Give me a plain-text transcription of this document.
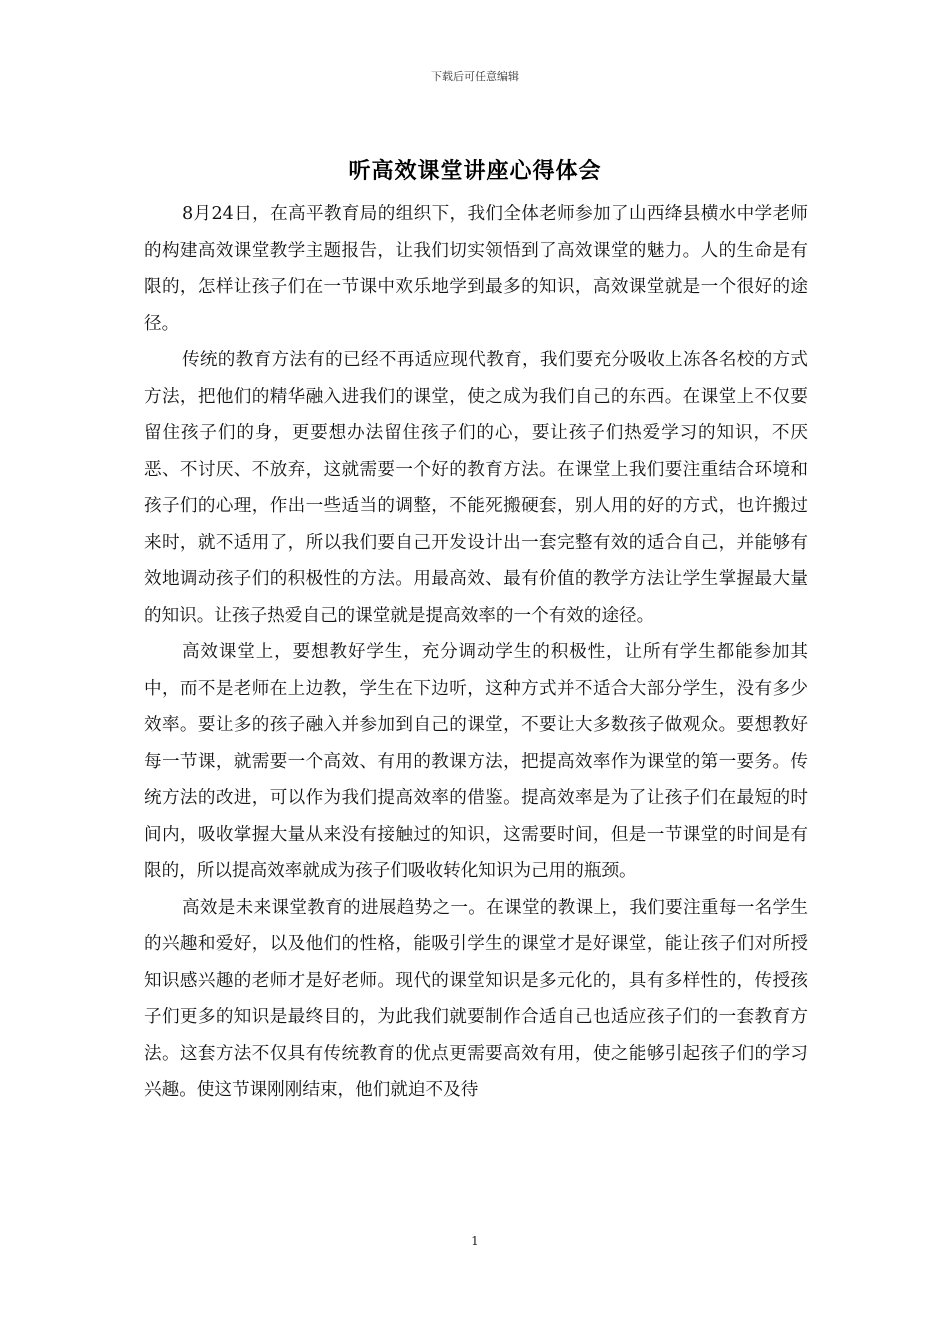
下载后可任意编辑
听高效课堂讲座心得体会

8月24日，在高平教育局的组织下，我们全体老师参加了山西绛县横水中学老师的构建高效课堂教学主题报告，让我们切实领悟到了高效课堂的魅力。人的生命是有限的，怎样让孩子们在一节课中欢乐地学到最多的知识，高效课堂就是一个很好的途径。

传统的教育方法有的已经不再适应现代教育，我们要充分吸收上冻各名校的方式方法，把他们的精华融入进我们的课堂，使之成为我们自己的东西。在课堂上不仅要留住孩子们的身，更要想办法留住孩子们的心，要让孩子们热爱学习的知识，不厌恶、不讨厌、不放弃，这就需要一个好的教育方法。在课堂上我们要注重结合环境和孩子们的心理，作出一些适当的调整，不能死搬硬套，别人用的好的方式，也许搬过来时，就不适用了，所以我们要自己开发设计出一套完整有效的适合自己，并能够有效地调动孩子们的积极性的方法。用最高效、最有价值的教学方法让学生掌握最大量的知识。让孩子热爱自己的课堂就是提高效率的一个有效的途径。

高效课堂上，要想教好学生，充分调动学生的积极性，让所有学生都能参加其中，而不是老师在上边教，学生在下边听，这种方式并不适合大部分学生，没有多少效率。要让多的孩子融入并参加到自己的课堂，不要让大多数孩子做观众。要想教好每一节课，就需要一个高效、有用的教课方法，把提高效率作为课堂的第一要务。传统方法的改进，可以作为我们提高效率的借鉴。提高效率是为了让孩子们在最短的时间内，吸收掌握大量从来没有接触过的知识，这需要时间，但是一节课堂的时间是有限的，所以提高效率就成为孩子们吸收转化知识为己用的瓶颈。

高效是未来课堂教育的进展趋势之一。在课堂的教课上，我们要注重每一名学生的兴趣和爱好，以及他们的性格，能吸引学生的课堂才是好课堂，能让孩子们对所授知识感兴趣的老师才是好老师。现代的课堂知识是多元化的，具有多样性的，传授孩子们更多的知识是最终目的，为此我们就要制作合适自己也适应孩子们的一套教育方法。这套方法不仅具有传统教育的优点更需要高效有用，使之能够引起孩子们的学习兴趣。使这节课刚刚结束，他们就迫不及待

1
